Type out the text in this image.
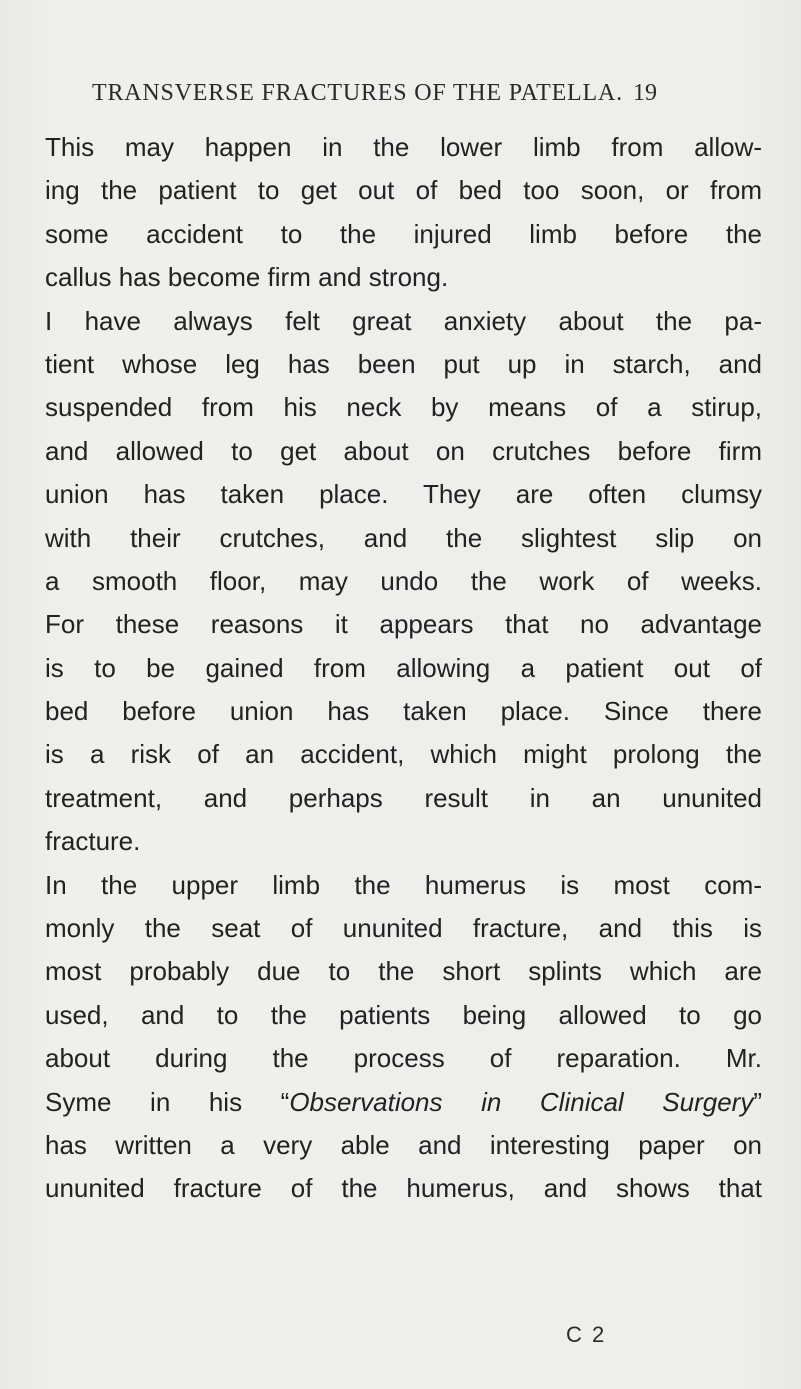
TRANSVERSE FRACTURES OF THE PATELLA. 19
This may happen in the lower limb from allow-
ing the patient to get out of bed too soon, or from
some accident to the injured limb before the
callus has become firm and strong.
I have always felt great anxiety about the pa-
tient whose leg has been put up in starch, and
suspended from his neck by means of a stirup,
and allowed to get about on crutches before firm
union has taken place. They are often clumsy
with their crutches, and the slightest slip on
a smooth floor, may undo the work of weeks.
For these reasons it appears that no advantage
is to be gained from allowing a patient out of
bed before union has taken place. Since there
is a risk of an accident, which might prolong the
treatment, and perhaps result in an ununited
fracture.
In the upper limb the humerus is most com-
monly the seat of ununited fracture, and this is
most probably due to the short splints which are
used, and to the patients being allowed to go
about during the process of reparation. Mr.
Syme in his “Observations in Clinical Surgery”
has written a very able and interesting paper on
ununited fracture of the humerus, and shows that
C 2
